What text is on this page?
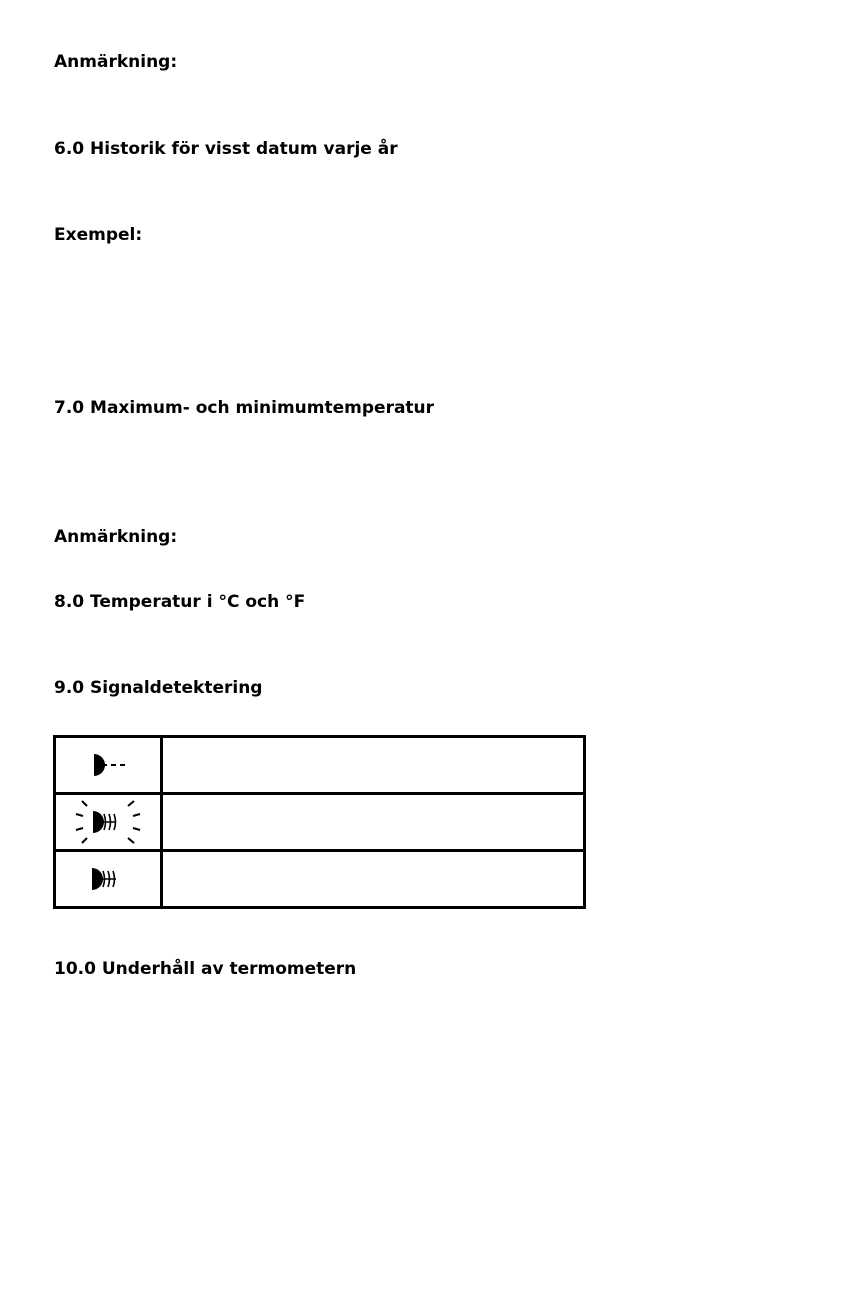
Anmärkning:

6.0 Historik för visst datum varje år

Exempel:

7.0 Maximum- och minimumtemperatur

Anmärkning:

8.0 Temperatur i °C och °F

9.0 Signaldetektering

10.0 Underhåll av termometern
